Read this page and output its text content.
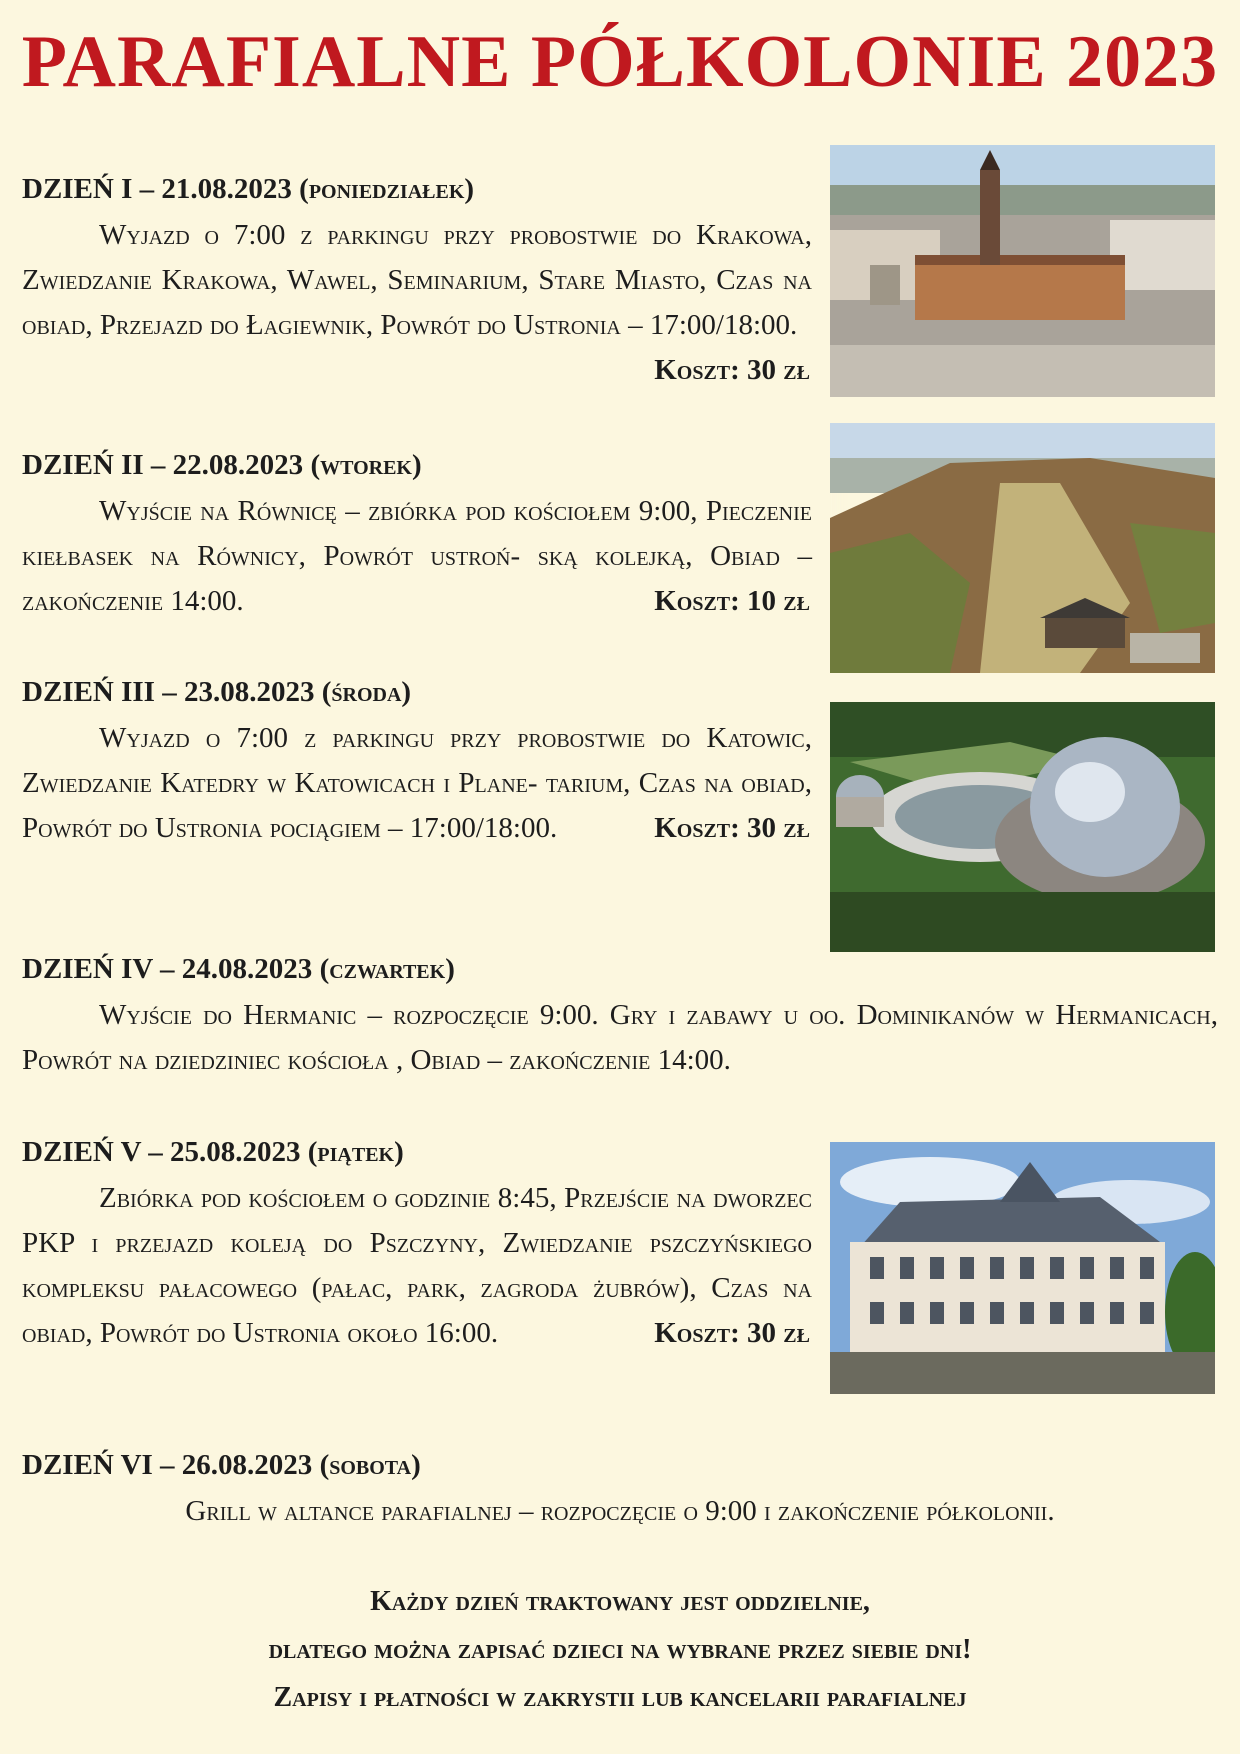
PARAFIALNE PÓŁKOLONIE 2023
DZIEŃ I – 21.08.2023 (poniedziałek)

Wyjazd o 7:00 z parkingu przy probostwie do Krakowa, Zwiedzanie Krakowa, Wawel, Seminarium, Stare Miasto, Czas na obiad, Przejazd do Łagiewnik, Powrót do Ustronia – 17:00/18:00.
Koszt: 30 zł

DZIEŃ II – 22.08.2023 (wtorek)

Wyjście na Równicę – zbiórka pod kościołem 9:00, Pieczenie kiełbasek na Równicy, Powrót ustroń- ską kolejką, Obiad – zakończenie 14:00.	Koszt: 10 zł

DZIEŃ III – 23.08.2023 (środa)

Wyjazd o 7:00 z parkingu przy probostwie do Katowic, Zwiedzanie Katedry w Katowicach i Plane- tarium, Czas na obiad, Powrót do Ustronia pociągiem – 17:00/18:00.	Koszt: 30 zł

DZIEŃ IV – 24.08.2023 (czwartek)

Wyjście do Hermanic – rozpoczęcie 9:00. Gry i zabawy u oo. Dominikanów w Hermanicach, Powrót na dziedziniec kościoła , Obiad – zakończenie 14:00.

DZIEŃ V – 25.08.2023 (piątek)

Zbiórka pod kościołem o godzinie 8:45, Przejście na dworzec PKP i przejazd koleją do Pszczyny, Zwiedzanie pszczyńskiego kompleksu pałacowego (pałac, park, zagroda żubrów), Czas na obiad, Powrót do Ustronia około 16:00.	Koszt: 30 zł

DZIEŃ VI – 26.08.2023 (sobota)
Grill w altance parafialnej – rozpoczęcie o 9:00 i zakończenie półkolonii.
Każdy dzień traktowany jest oddzielnie,
dlatego można zapisać dzieci na wybrane przez siebie dni!
Zapisy i płatności w zakrystii lub kancelarii parafialnej
